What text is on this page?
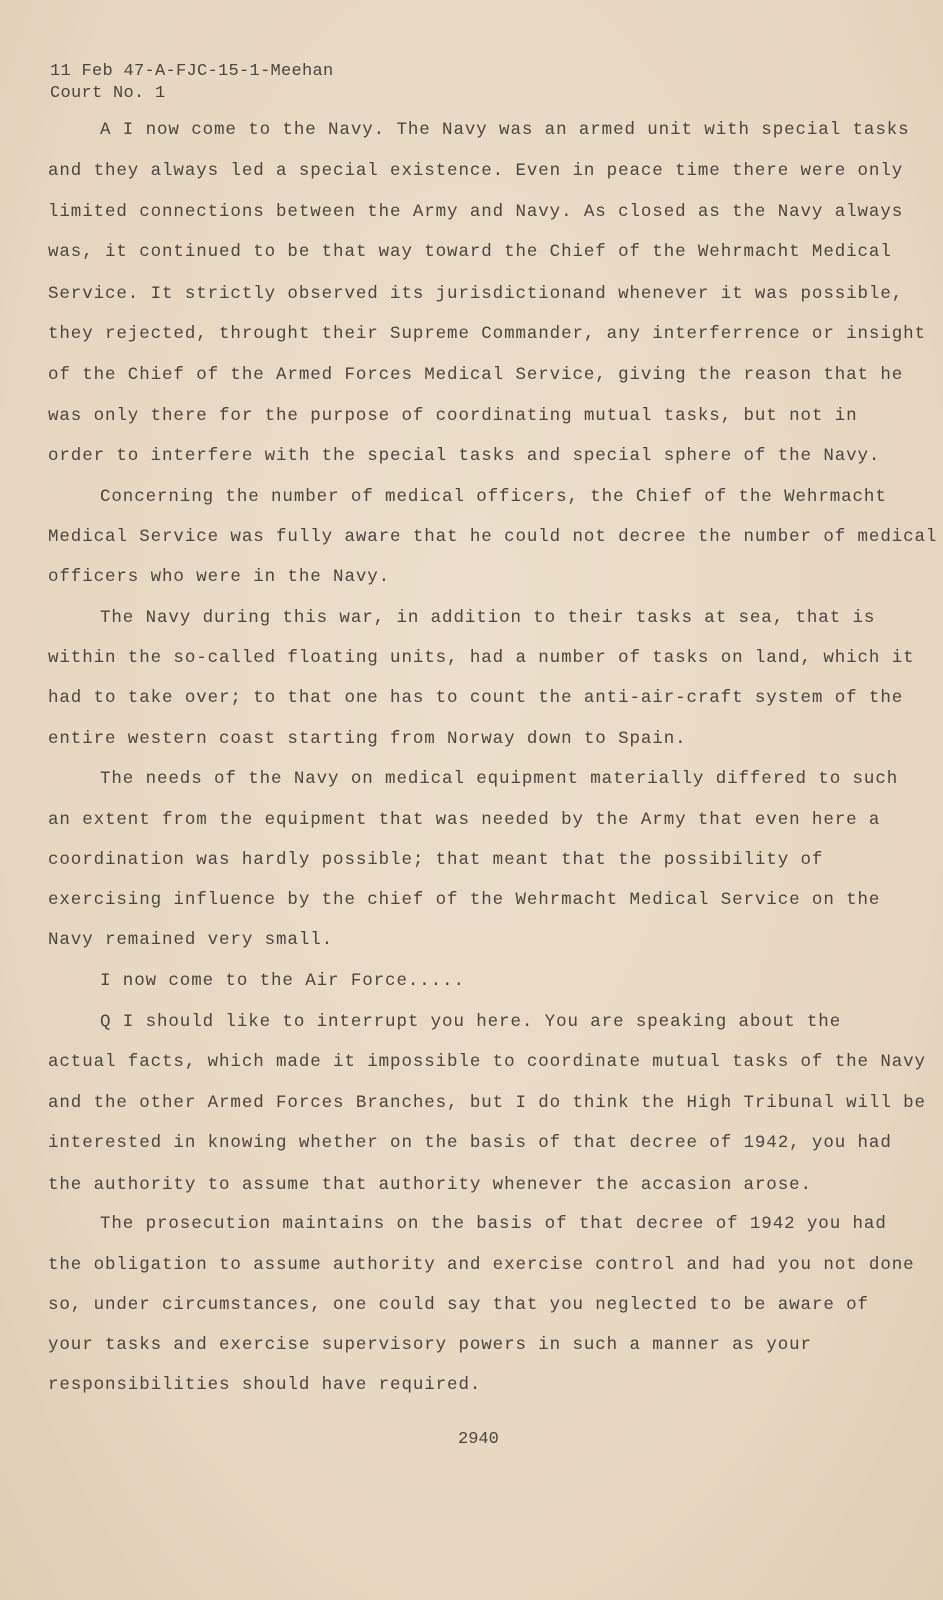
11 Feb 47-A-FJC-15-1-Meehan
Court No. 1
A I now come to the Navy. The Navy was an armed unit with special tasks
and they always led a special existence. Even in peace time there were only
limited connections between the Army and Navy. As closed as the Navy always
was, it continued to be that way toward the Chief of the Wehrmacht Medical
Service. It strictly observed its jurisdictionand whenever it was possible,
they rejected, throught their Supreme Commander, any interferrence or insight
of the Chief of the Armed Forces Medical Service, giving the reason that he
was only there for the purpose of coordinating mutual tasks, but not in
order to interfere with the special tasks and special sphere of the Navy.
Concerning the number of medical officers, the Chief of the Wehrmacht
Medical Service was fully aware that he could not decree the number of medical
officers who were in the Navy.
The Navy during this war, in addition to their tasks at sea, that is
within the so-called floating units, had a number of tasks on land, which it
had to take over; to that one has to count the anti-air-craft system of the
entire western coast starting from Norway down to Spain.
The needs of the Navy on medical equipment materially differed to such
an extent from the equipment that was needed by the Army that even here a
coordination was hardly possible; that meant that the possibility of
exercising influence by the chief of the Wehrmacht Medical Service on the
Navy remained very small.
I now come to the Air Force.....
Q I should like to interrupt you here. You are speaking about the
actual facts, which made it impossible to coordinate mutual tasks of the Navy
and the other Armed Forces Branches, but I do think the High Tribunal will be
interested in knowing whether on the basis of that decree of 1942, you had
the authority to assume that authority whenever the accasion arose.
The prosecution maintains on the basis of that decree of 1942 you had
the obligation to assume authority and exercise control and had you not done
so, under circumstances, one could say that you neglected to be aware of
your tasks and exercise supervisory powers in such a manner as your
responsibilities should have required.
2940
